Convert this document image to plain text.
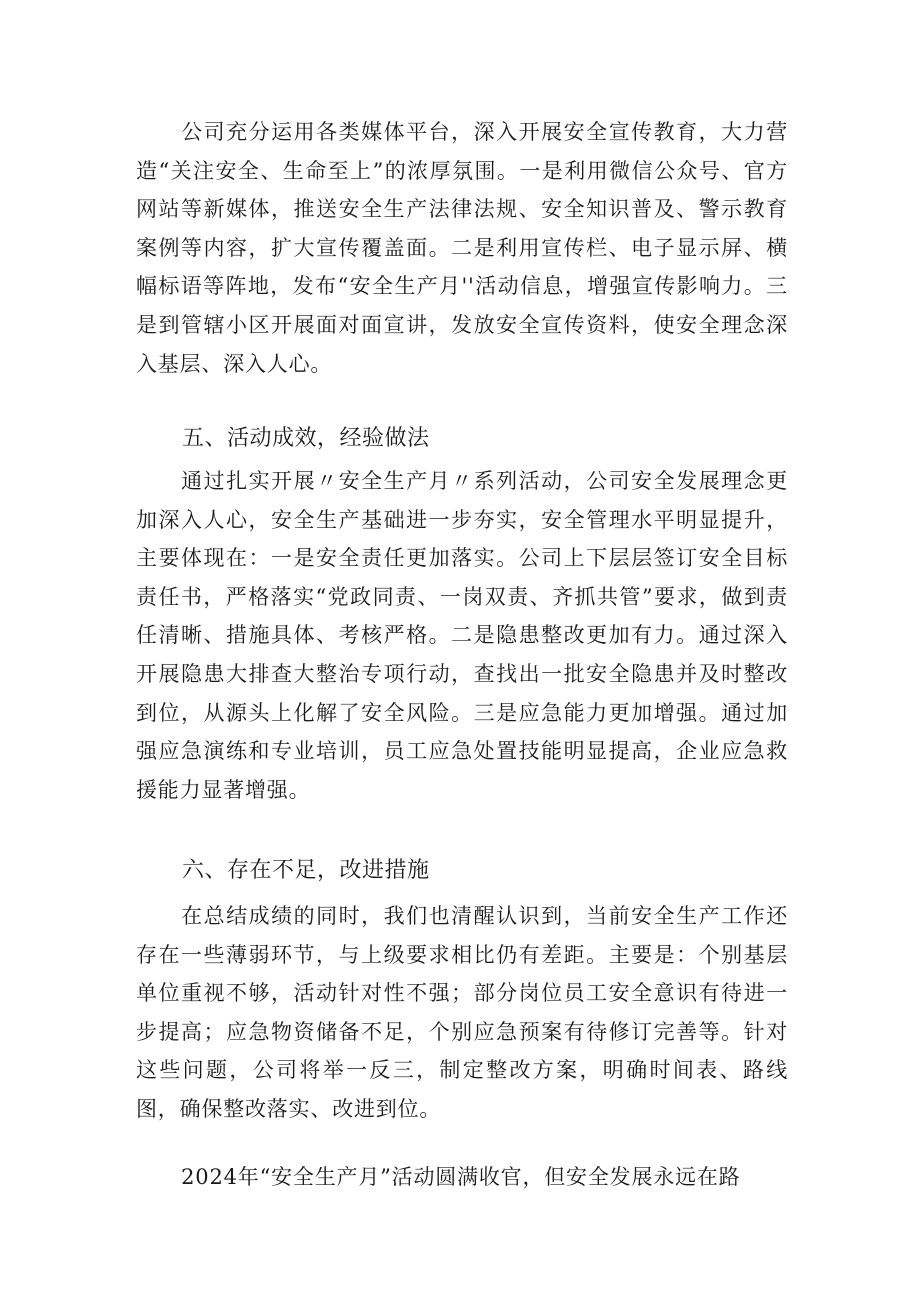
公司充分运用各类媒体平台，深入开展安全宣传教育，大力营造“关注安全、生命至上”的浓厚氛围。一是利用微信公众号、官方网站等新媒体，推送安全生产法律法规、安全知识普及、警示教育案例等内容，扩大宣传覆盖面。二是利用宣传栏、电子显示屏、横幅标语等阵地，发布“安全生产月''活动信息，增强宣传影响力。三是到管辖小区开展面对面宣讲，发放安全宣传资料，使安全理念深入基层、深入人心。

五、活动成效，经验做法

通过扎实开展〃安全生产月〃系列活动，公司安全发展理念更加深入人心，安全生产基础进一步夯实，安全管理水平明显提升，主要体现在：一是安全责任更加落实。公司上下层层签订安全目标责任书，严格落实“党政同责、一岗双责、齐抓共管”要求，做到责任清晰、措施具体、考核严格。二是隐患整改更加有力。通过深入开展隐患大排查大整治专项行动，查找出一批安全隐患并及时整改到位，从源头上化解了安全风险。三是应急能力更加增强。通过加强应急演练和专业培训，员工应急处置技能明显提高，企业应急救援能力显著增强。

六、存在不足，改进措施

在总结成绩的同时，我们也清醒认识到，当前安全生产工作还存在一些薄弱环节，与上级要求相比仍有差距。主要是：个别基层单位重视不够，活动针对性不强；部分岗位员工安全意识有待进一步提高；应急物资储备不足，个别应急预案有待修订完善等。针对这些问题，公司将举一反三，制定整改方案，明确时间表、路线图，确保整改落实、改进到位。

2024年“安全生产月”活动圆满收官，但安全发展永远在路
